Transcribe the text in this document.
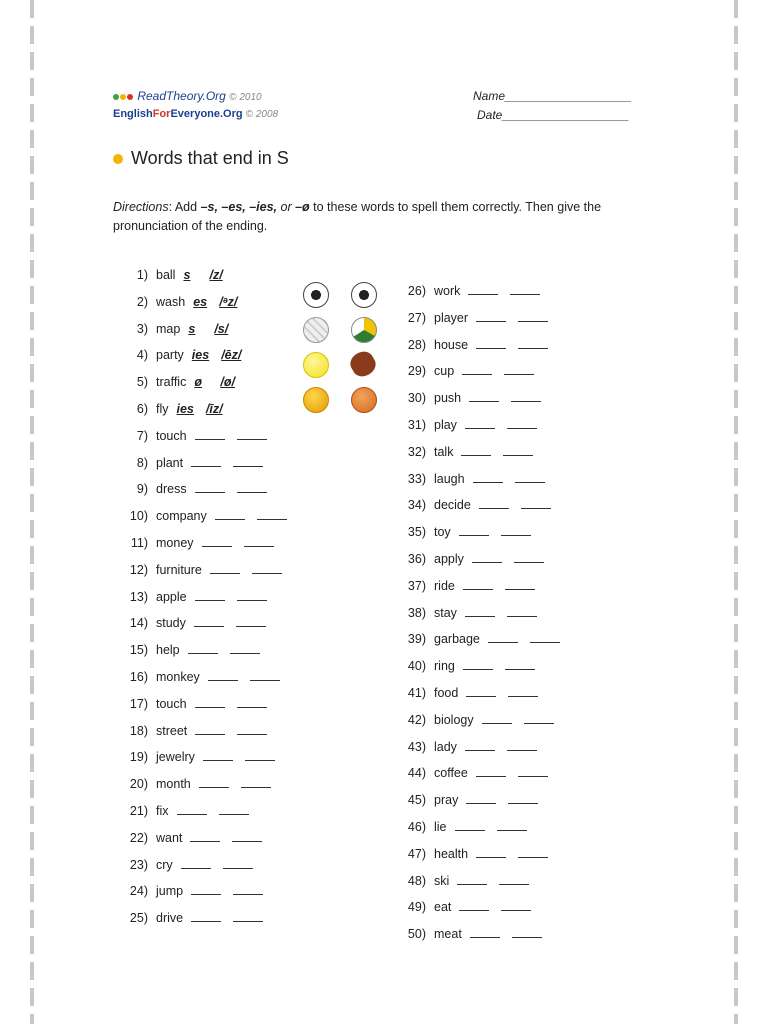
ReadTheory.Org © 2010
EnglishForEveryone.Org © 2008
Name___________________
Date___________________
Words that end in S
Directions: Add –s, –es, –ies, or –ø to these words to spell them correctly. Then give the pronunciation of the ending.
1) ball s /z/
2) wash es /ᵊz/
3) map s /s/
4) party ies /ēz/
5) traffic ø /ø/
6) fly ies /īz/
7) touch
8) plant
9) dress
10) company
11) money
12) furniture
13) apple
14) study
15) help
16) monkey
17) touch
18) street
19) jewelry
20) month
21) fix
22) want
23) cry
24) jump
25) drive
26) work
27) player
28) house
29) cup
30) push
31) play
32) talk
33) laugh
34) decide
35) toy
36) apply
37) ride
38) stay
39) garbage
40) ring
41) food
42) biology
43) lady
44) coffee
45) pray
46) lie
47) health
48) ski
49) eat
50) meat
